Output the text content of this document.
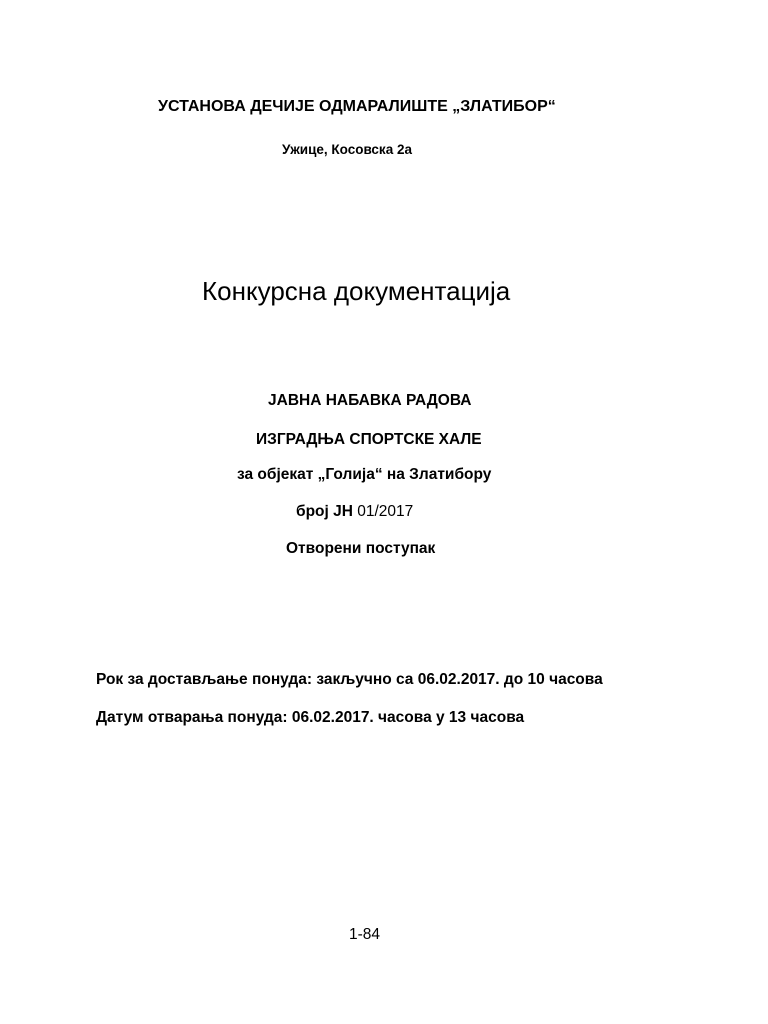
УСТАНОВА ДЕЧИЈЕ ОДМАРАЛИШТЕ „ЗЛАТИБОР“

Ужице, Косовска 2а

Конкурсна документација

ЈАВНА НАБАВКА РАДОВА

ИЗГРАДЊА СПОРТСКЕ ХАЛЕ

за објекат „Голија“ на Златибору

број ЈН 01/2017

Отворени поступак

Рок за достављање понуда: закључно са 06.02.2017. до 10 часова

Датум отварања понуда: 06.02.2017. часова у 13 часова

1-84
